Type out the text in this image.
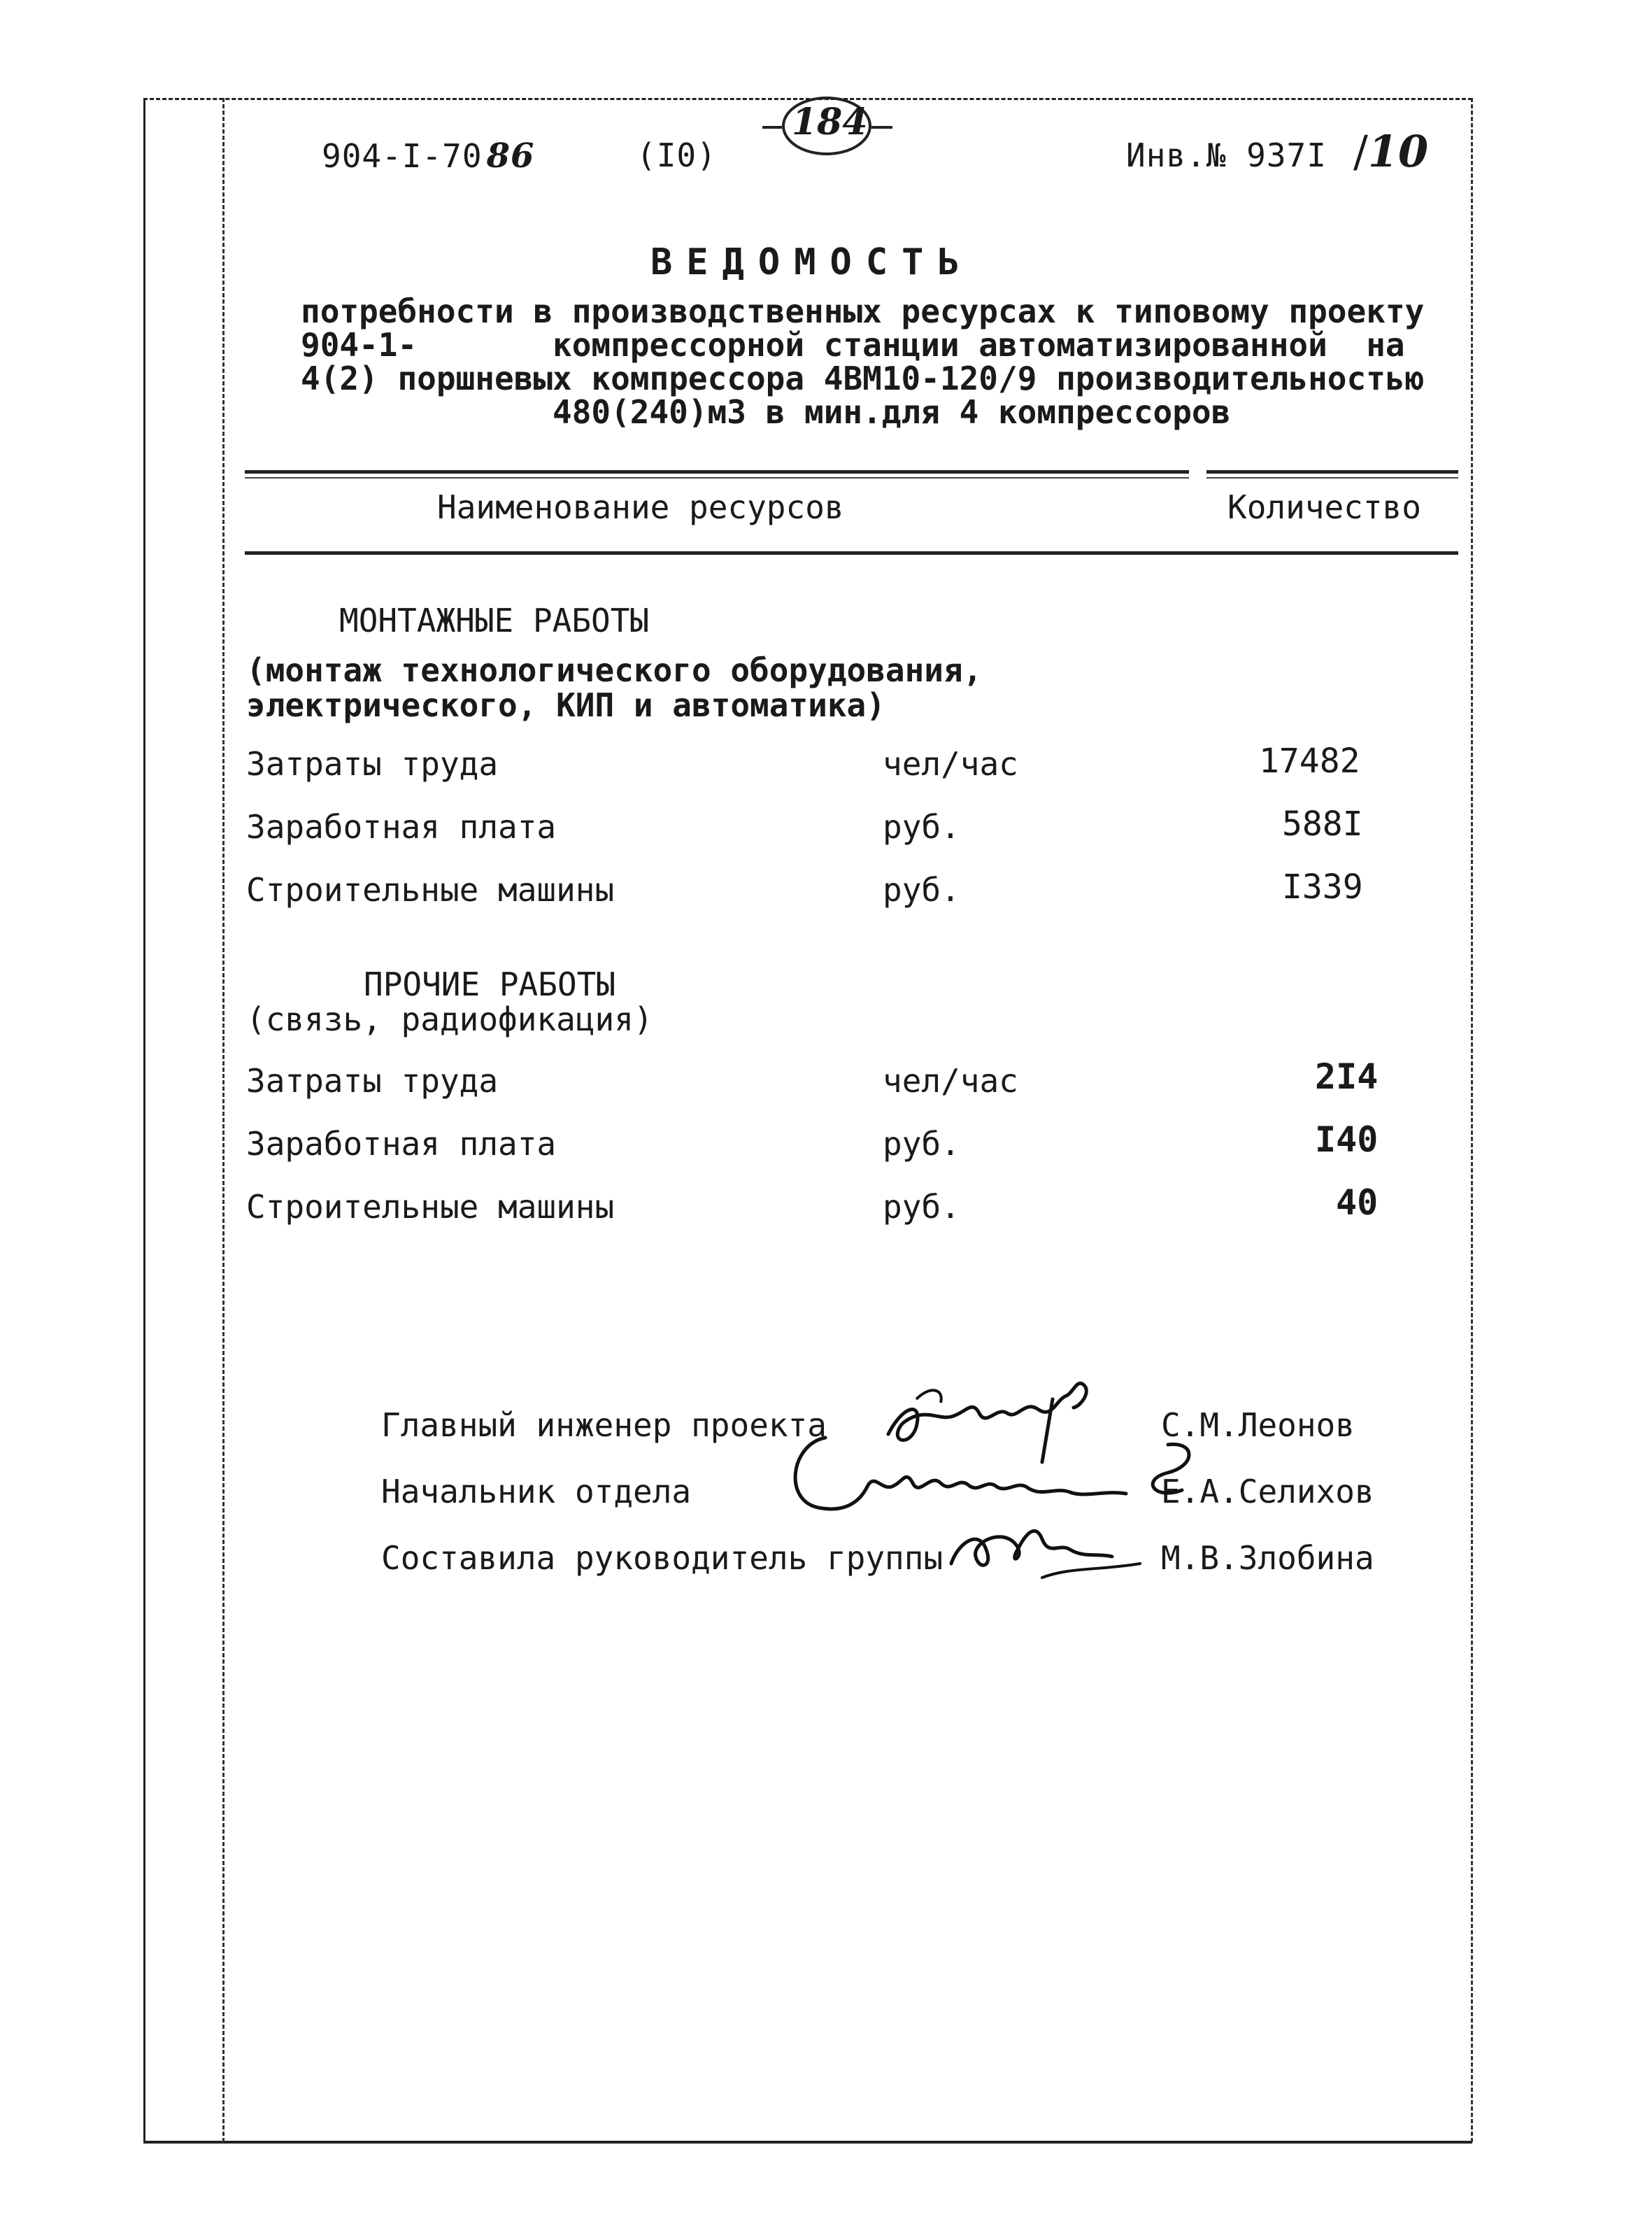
904-I-70 86	(I0)

184

Инв.№ 937I /10
ВЕДОМОСТЬ
потребности в производственных ресурсах к типовому проекту
904-1-       компрессорной станции автоматизированной  на
4(2) поршневых компрессора 4ВМ10-120/9 производительностью
480(240)м3 в мин.для 4 компрессоров
Наименование ресурсов	Количество
МОНТАЖНЫЕ РАБОТЫ
(монтаж технологического оборудования,
электрического, КИП и автоматика)
Затраты труда	чел/час	17482
Заработная плата	руб.	588I
Строительные машины	руб.	I339
ПРОЧИЕ РАБОТЫ
(связь, радиофикация)
Затраты труда	чел/час	2I4
Заработная плата	руб.	I40
Строительные машины	руб.	40
Главный инженер проекта	С.М.Леонов
Начальник отдела	Е.А.Селихов
Составила руководитель группы	М.В.Злобина
